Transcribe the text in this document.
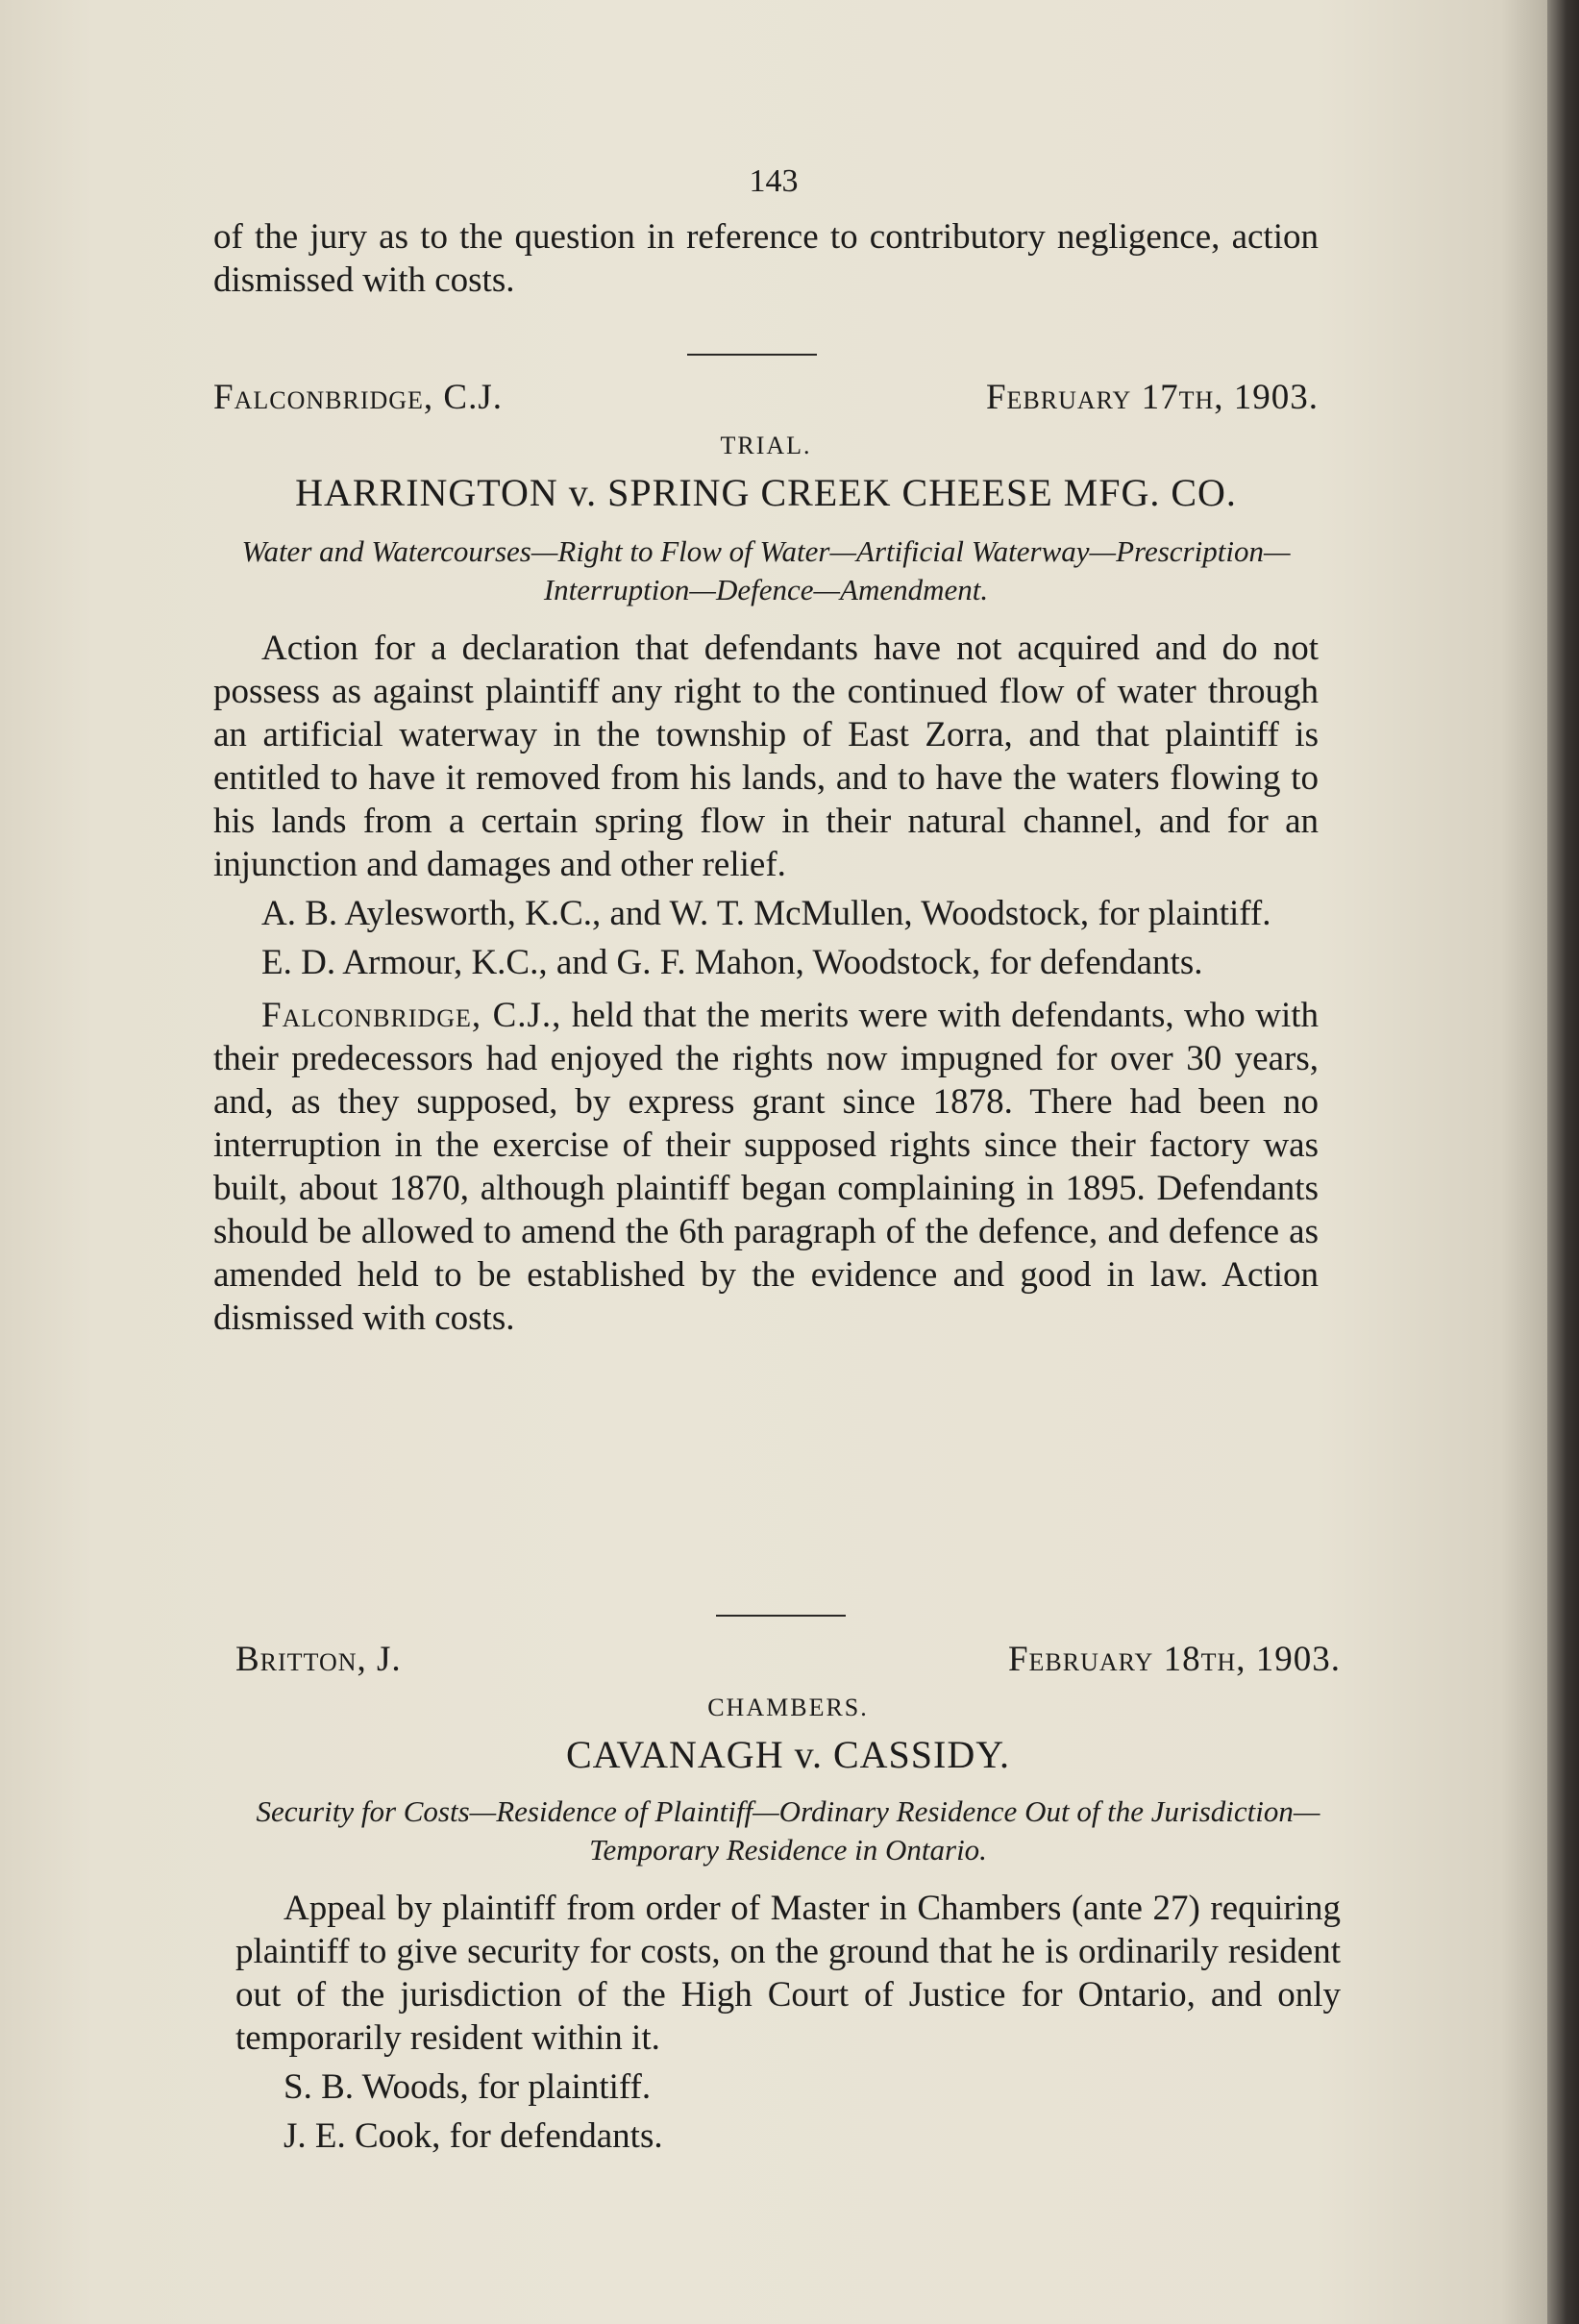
143

of the jury as to the question in reference to contributory negligence, action dismissed with costs.

Falconbridge, C.J.	February 17th, 1903.
TRIAL.
HARRINGTON v. SPRING CREEK CHEESE MFG. CO.
Water and Watercourses—Right to Flow of Water—Artificial Waterway—Prescription—Interruption—Defence—Amendment.

Action for a declaration that defendants have not acquired and do not possess as against plaintiff any right to the continued flow of water through an artificial waterway in the township of East Zorra, and that plaintiff is entitled to have it removed from his lands, and to have the waters flowing to his lands from a certain spring flow in their natural channel, and for an injunction and damages and other relief.

A. B. Aylesworth, K.C., and W. T. McMullen, Woodstock, for plaintiff.

E. D. Armour, K.C., and G. F. Mahon, Woodstock, for defendants.

Falconbridge, C.J., held that the merits were with defendants, who with their predecessors had enjoyed the rights now impugned for over 30 years, and, as they supposed, by express grant since 1878. There had been no interruption in the exercise of their supposed rights since their factory was built, about 1870, although plaintiff began complaining in 1895. Defendants should be allowed to amend the 6th paragraph of the defence, and defence as amended held to be established by the evidence and good in law. Action dismissed with costs.

Britton, J.	February 18th, 1903.
CHAMBERS.
CAVANAGH v. CASSIDY.
Security for Costs—Residence of Plaintiff—Ordinary Residence Out of the Jurisdiction—Temporary Residence in Ontario.

Appeal by plaintiff from order of Master in Chambers (ante 27) requiring plaintiff to give security for costs, on the ground that he is ordinarily resident out of the jurisdiction of the High Court of Justice for Ontario, and only temporarily resident within it.

S. B. Woods, for plaintiff.

J. E. Cook, for defendants.
